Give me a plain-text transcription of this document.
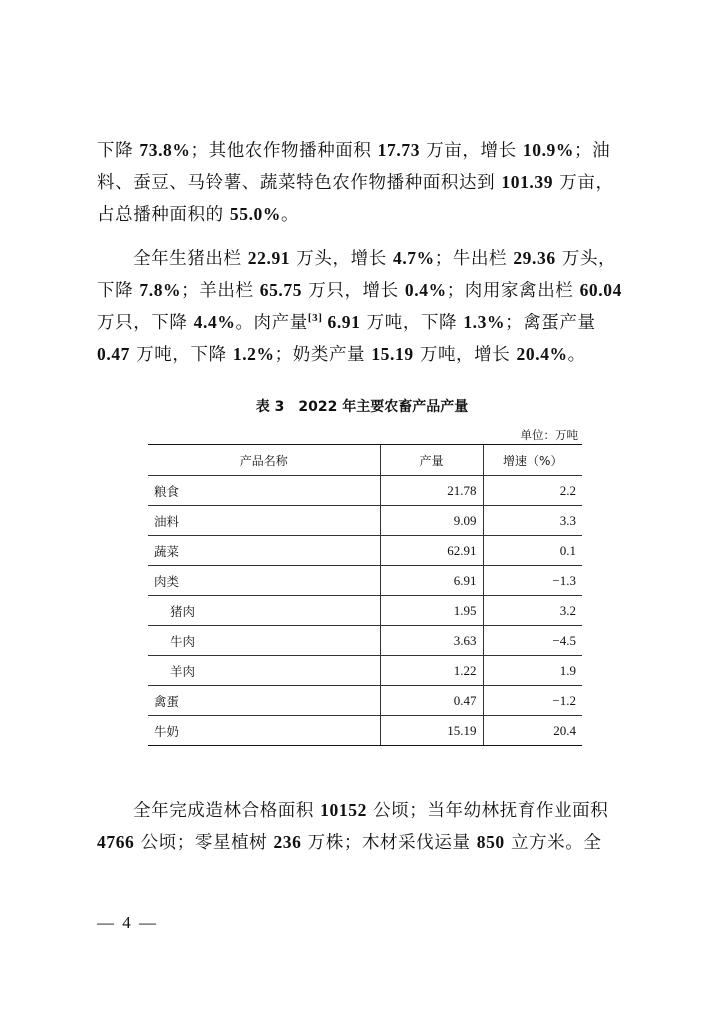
下降 73.8%；其他农作物播种面积 17.73 万亩，增长 10.9%；油
料、蚕豆、马铃薯、蔬菜特色农作物播种面积达到 101.39 万亩，
占总播种面积的 55.0%。
全年生猪出栏 22.91 万头，增长 4.7%；牛出栏 29.36 万头，
下降 7.8%；羊出栏 65.75 万只，增长 0.4%；肉用家禽出栏 60.04
万只，下降 4.4%。肉产量[3] 6.91 万吨，下降 1.3%；禽蛋产量
0.47 万吨，下降 1.2%；奶类产量 15.19 万吨，增长 20.4%。
表 3　2022 年主要农畜产品产量
单位：万吨
产品名称	产量	增速（%）
粮食	21.78	2.2
油料	9.09	3.3
蔬菜	62.91	0.1
肉类	6.91	−1.3
猪肉	1.95	3.2
牛肉	3.63	−4.5
羊肉	1.22	1.9
禽蛋	0.47	−1.2
牛奶	15.19	20.4
全年完成造林合格面积 10152 公顷；当年幼林抚育作业面积
4766 公顷；零星植树 236 万株；木材采伐运量 850 立方米。全
— 4 —
